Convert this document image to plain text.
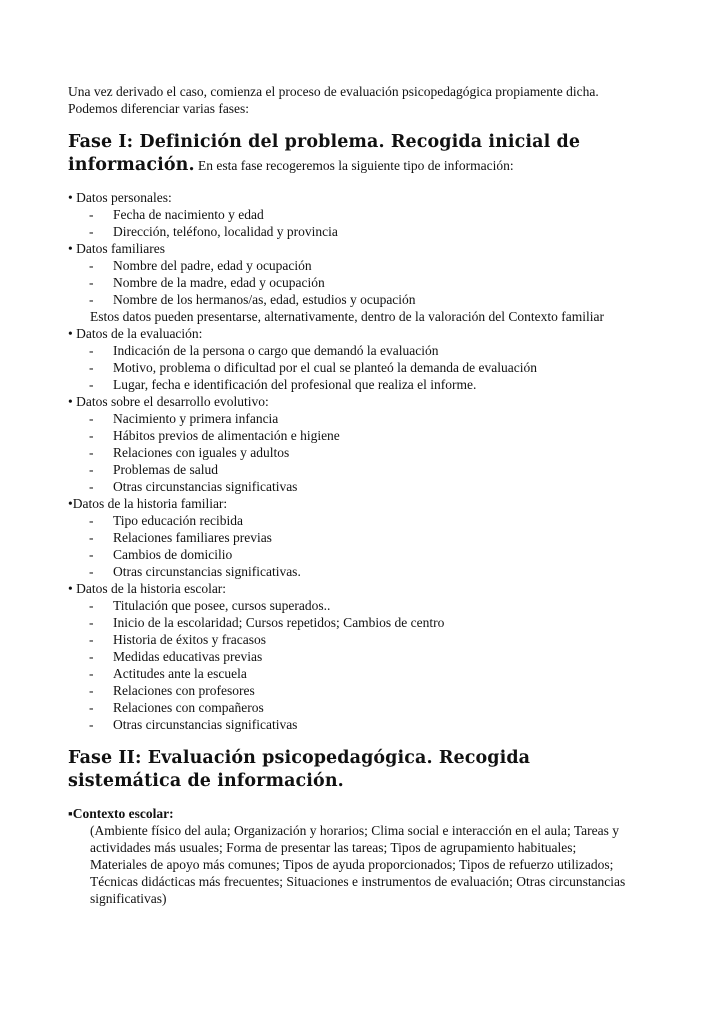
Una vez derivado el caso, comienza el proceso de evaluación psicopedagógica propiamente dicha. Podemos diferenciar varias fases:

Fase I: Definición del problema. Recogida inicial de información. En esta fase recogeremos la siguiente tipo de información:

• Datos personales:

- Fecha de nacimiento y edad
- Dirección, teléfono, localidad y provincia

• Datos familiares

- Nombre del padre, edad y ocupación
- Nombre de la madre, edad y ocupación
- Nombre de los hermanos/as, edad, estudios y ocupación

Estos datos pueden presentarse, alternativamente, dentro de la valoración del Contexto familiar

• Datos de la evaluación:

- Indicación de la persona o cargo que demandó la evaluación
- Motivo, problema o dificultad por el cual se planteó la demanda de evaluación
- Lugar, fecha e identificación del profesional que realiza el informe.

• Datos sobre el desarrollo evolutivo:

- Nacimiento y primera infancia
- Hábitos previos de alimentación e higiene
- Relaciones con iguales y adultos
- Problemas de salud
- Otras circunstancias significativas

•Datos de la historia familiar:

- Tipo educación recibida
- Relaciones familiares previas
- Cambios de domicilio
- Otras circunstancias significativas.

• Datos de la historia escolar:

- Titulación que posee, cursos superados..
- Inicio de la escolaridad; Cursos repetidos; Cambios de centro
- Historia de éxitos y fracasos
- Medidas educativas previas
- Actitudes ante la escuela
- Relaciones con profesores
- Relaciones con compañeros
- Otras circunstancias significativas
Fase II: Evaluación psicopedagógica. Recogida sistemática de información.

▪Contexto escolar:

(Ambiente físico del aula; Organización y horarios; Clima social e interacción en el aula; Tareas y actividades más usuales; Forma de presentar las tareas; Tipos de agrupamiento habituales; Materiales de apoyo más comunes; Tipos de ayuda proporcionados; Tipos de refuerzo utilizados; Técnicas didácticas más frecuentes; Situaciones e instrumentos de evaluación; Otras circunstancias significativas)
